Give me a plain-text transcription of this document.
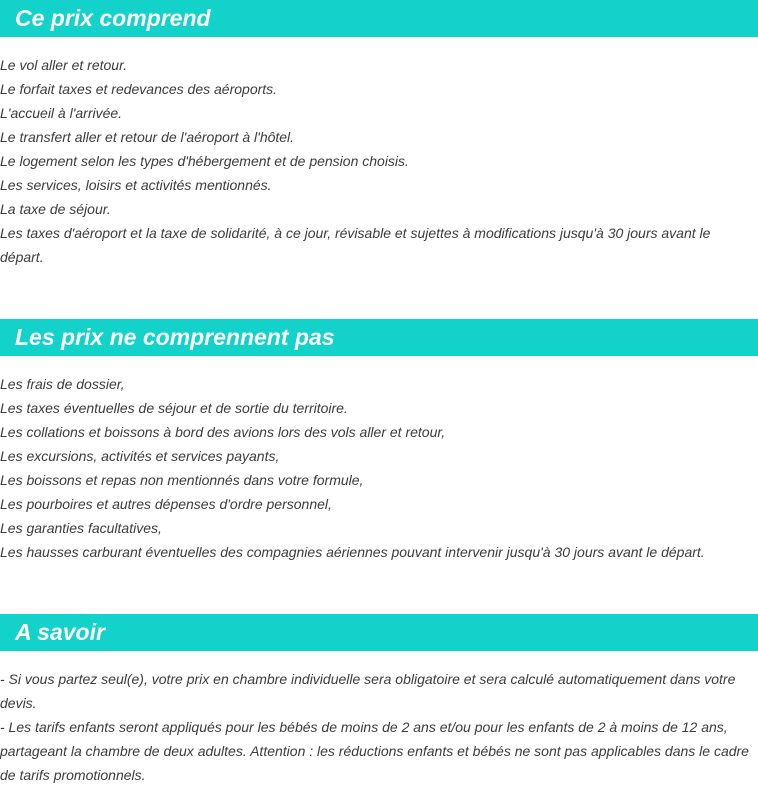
Ce prix comprend
Le vol aller et retour.
Le forfait taxes et redevances des aéroports.
L'accueil à l'arrivée.
Le transfert aller et retour de l'aéroport à l'hôtel.
Le logement selon les types d'hébergement et de pension choisis.
Les services, loisirs et activités mentionnés.
La taxe de séjour.
Les taxes d'aéroport et la taxe de solidarité, à ce jour, révisable et sujettes à modifications jusqu'à 30 jours avant le départ.
Les prix ne comprennent pas
Les frais de dossier,
Les taxes éventuelles de séjour et de sortie du territoire.
Les collations et boissons à bord des avions lors des vols aller et retour,
Les excursions, activités et services payants,
Les boissons et repas non mentionnés dans votre formule,
Les pourboires et autres dépenses d'ordre personnel,
Les garanties facultatives,
Les hausses carburant éventuelles des compagnies aériennes pouvant intervenir jusqu'à 30 jours avant le départ.
A savoir
- Si vous partez seul(e), votre prix en chambre individuelle sera obligatoire et sera calculé automatiquement dans votre devis.
- Les tarifs enfants seront appliqués pour les bébés de moins de 2 ans et/ou pour les enfants de 2 à moins de 12 ans, partageant la chambre de deux adultes. Attention : les réductions enfants et bébés ne sont pas applicables dans le cadre de tarifs promotionnels.
